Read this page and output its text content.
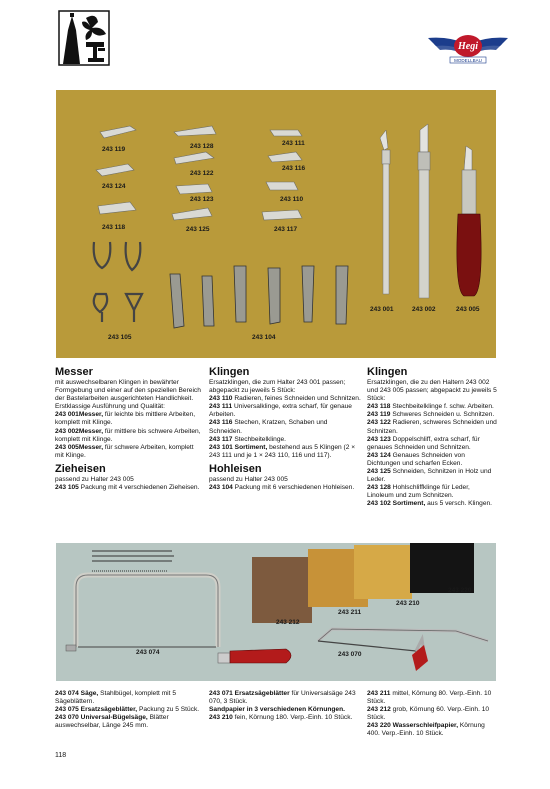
Hegi
MODELLBAU
243 119	243 128	243 111
243 124
243 122
243 116
243 123	243 110
243 118	243 125	243 117
243 105	243 104
243 001	243 002	243 005
Messer

mit auswechselbaren Klingen in bewährter Formgebung und einer auf den speziellen Bereich der Bastelarbeiten ausgerichteten Handlichkeit. Erstklassige Ausführung und Qualität:

243 001Messer, für leichte bis mittlere Arbeiten, komplett mit Klinge.

243 002Messer, für mittlere bis schwere Arbeiten, komplett mit Klinge.

243 005Messer, für schwere Arbeiten, komplett mit Klinge.

Zieheisen

passend zu Halter 243 005

243 105 Packung mit 4 verschiedenen Zieheisen.

Klingen

Ersatzklingen, die zum Halter 243 001 passen; abgepackt zu jeweils 5 Stück:

243 110 Radieren, feines Schneiden und Schnitzen.

243 111 Universalklinge, extra scharf, für genaue Arbeiten.

243 116 Stechen, Kratzen, Schaben und Schneiden.

243 117 Stechbeitelklinge.

243 101 Sortiment, bestehend aus 5 Klingen (2 × 243 111 und je 1 × 243 110, 116 und 117).

Hohleisen

passend zu Halter 243 005

243 104 Packung mit 6 verschiedenen Hohleisen.

Klingen

Ersatzklingen, die zu den Haltern 243 002 und 243 005 passen; abgepackt zu jeweils 5 Stück:

243 118 Stechbeitelklinge f. schw. Arbeiten.

243 119 Schweres Schneiden u. Schnitzen.

243 122 Radieren, schweres Schneiden und Schnitzen.

243 123 Doppelschliff, extra scharf, für genaues Schneiden und Schnitzen.

243 124 Genaues Schneiden von Dichtungen und scharfen Ecken.

243 125 Schneiden, Schnitzen in Holz und Leder.

243 128 Hohlschliffklinge für Leder, Linoleum und zum Schnitzen.

243 102 Sortiment, aus 5 versch. Klingen.

243 074	243 070
243 212
243 211
243 210
243 220

243 074 Säge, Stahlbügel, komplett mit 5 Sägeblättern.

243 075 Ersatzsägeblätter, Packung zu 5 Stück.

243 070 Universal-Bügelsäge, Blätter auswechselbar, Länge 245 mm.

243 071 Ersatzsägeblätter für Universalsäge 243 070, 3 Stück.

Sandpapier in 3 verschiedenen Körnungen.

243 210 fein, Körnung 180. Verp.-Einh. 10 Stück.

243 211 mittel, Körnung 80. Verp.-Einh. 10 Stück.

243 212 grob, Körnung 60. Verp.-Einh. 10 Stück.

243 220 Wasserschleifpapier, Körnung 400. Verp.-Einh. 10 Stück.

118
